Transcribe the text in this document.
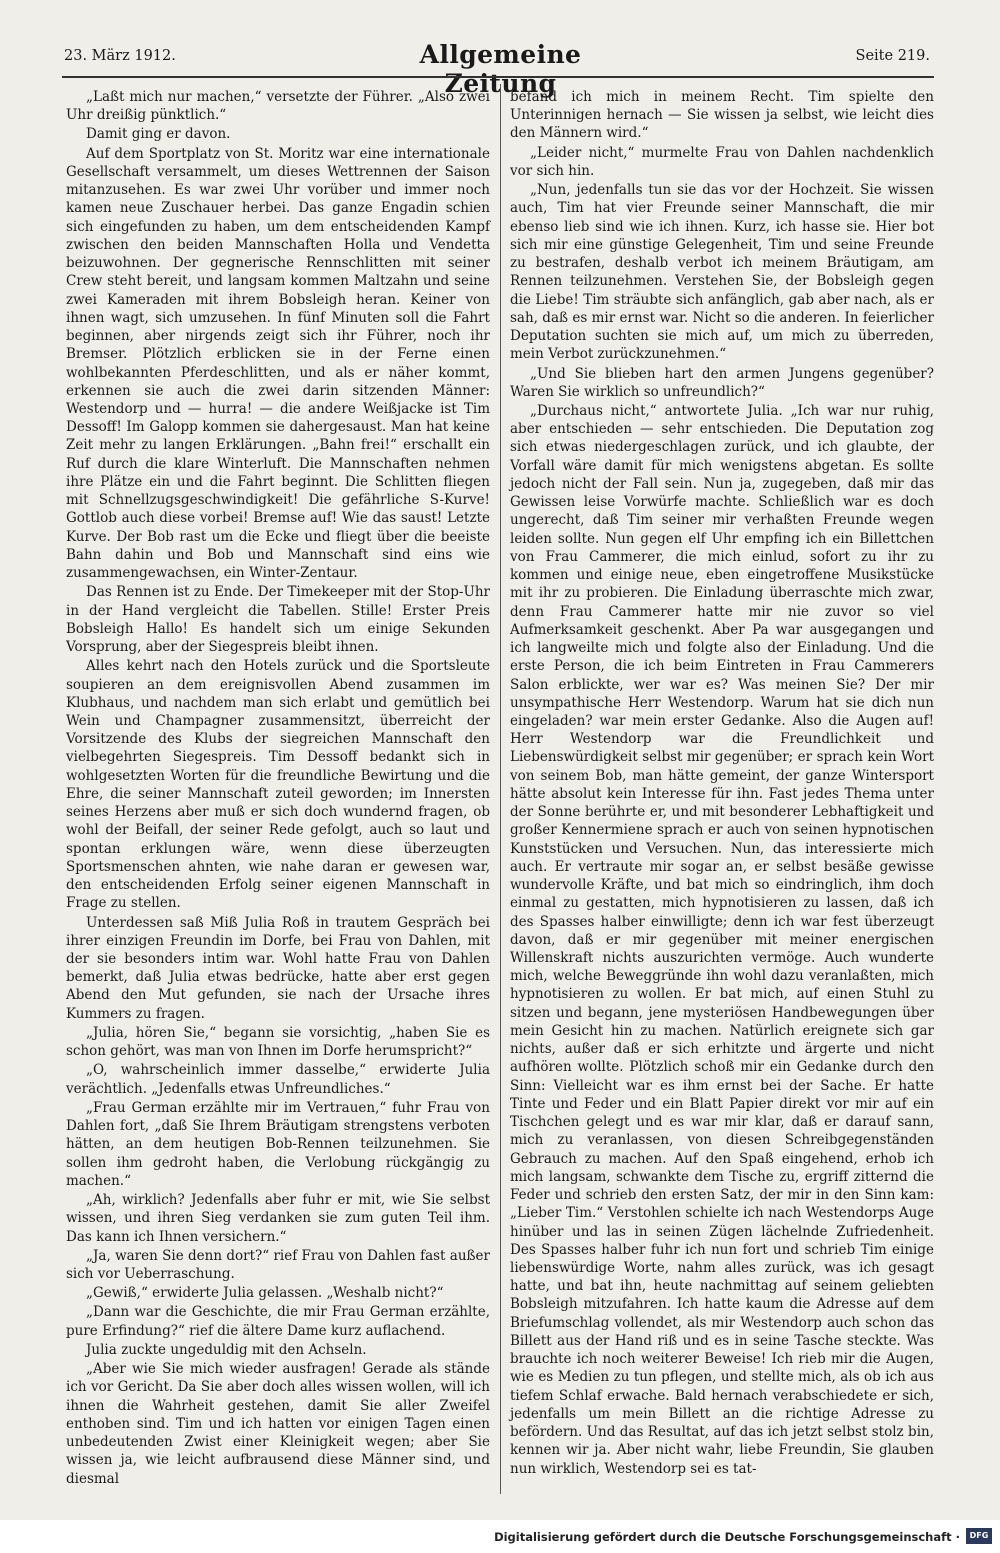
23. März 1912.	Allgemeine Zeitung
Seite 219.

„Laßt mich nur machen,“ versetzte der Führer. „Also zwei Uhr dreißig pünktlich.“

Damit ging er davon.

Auf dem Sportplatz von St. Moritz war eine internationale Gesellschaft versammelt, um dieses Wettrennen der Saison mitanzusehen. Es war zwei Uhr vorüber und immer noch kamen neue Zuschauer herbei. Das ganze Engadin schien sich eingefunden zu haben, um dem entscheidenden Kampf zwischen den beiden Mannschaften Holla und Vendetta beizuwohnen. Der gegnerische Rennschlitten mit seiner Crew steht bereit, und langsam kommen Maltzahn und seine zwei Kameraden mit ihrem Bobsleigh heran. Keiner von ihnen wagt, sich umzusehen. In fünf Minuten soll die Fahrt beginnen, aber nirgends zeigt sich ihr Führer, noch ihr Bremser. Plötzlich erblicken sie in der Ferne einen wohlbekannten Pferdeschlitten, und als er näher kommt, erkennen sie auch die zwei darin sitzenden Männer: Westendorp und — hurra! — die andere Weißjacke ist Tim Dessoff! Im Galopp kommen sie dahergesaust. Man hat keine Zeit mehr zu langen Erklärungen. „Bahn frei!“ erschallt ein Ruf durch die klare Winterluft. Die Mannschaften nehmen ihre Plätze ein und die Fahrt beginnt. Die Schlitten fliegen mit Schnellzugsgeschwindigkeit! Die gefährliche S-Kurve! Gottlob auch diese vorbei! Bremse auf! Wie das saust! Letzte Kurve. Der Bob rast um die Ecke und fliegt über die beeiste Bahn dahin und Bob und Mannschaft sind eins wie zusammengewachsen, ein Winter-Zentaur.

Das Rennen ist zu Ende. Der Timekeeper mit der Stop-Uhr in der Hand vergleicht die Tabellen. Stille! Erster Preis Bobsleigh Hallo! Es handelt sich um einige Sekunden Vorsprung, aber der Siegespreis bleibt ihnen.

Alles kehrt nach den Hotels zurück und die Sportsleute soupieren an dem ereignisvollen Abend zusammen im Klubhaus, und nachdem man sich erlabt und gemütlich bei Wein und Champagner zusammensitzt, überreicht der Vorsitzende des Klubs der siegreichen Mannschaft den vielbegehrten Siegespreis. Tim Dessoff bedankt sich in wohlgesetzten Worten für die freundliche Bewirtung und die Ehre, die seiner Mannschaft zuteil geworden; im Innersten seines Herzens aber muß er sich doch wundernd fragen, ob wohl der Beifall, der seiner Rede gefolgt, auch so laut und spontan erklungen wäre, wenn diese überzeugten Sportsmenschen ahnten, wie nahe daran er gewesen war, den entscheidenden Erfolg seiner eigenen Mannschaft in Frage zu stellen.

Unterdessen saß Miß Julia Roß in trautem Gespräch bei ihrer einzigen Freundin im Dorfe, bei Frau von Dahlen, mit der sie besonders intim war. Wohl hatte Frau von Dahlen bemerkt, daß Julia etwas bedrücke, hatte aber erst gegen Abend den Mut gefunden, sie nach der Ursache ihres Kummers zu fragen.

„Julia, hören Sie,“ begann sie vorsichtig, „haben Sie es schon gehört, was man von Ihnen im Dorfe herumspricht?“

„O, wahrscheinlich immer dasselbe,“ erwiderte Julia verächtlich. „Jedenfalls etwas Unfreundliches.“

„Frau German erzählte mir im Vertrauen,“ fuhr Frau von Dahlen fort, „daß Sie Ihrem Bräutigam strengstens verboten hätten, an dem heutigen Bob-Rennen teilzunehmen. Sie sollen ihm gedroht haben, die Verlobung rückgängig zu machen.“

„Ah, wirklich? Jedenfalls aber fuhr er mit, wie Sie selbst wissen, und ihren Sieg verdanken sie zum guten Teil ihm. Das kann ich Ihnen versichern.“

„Ja, waren Sie denn dort?“ rief Frau von Dahlen fast außer sich vor Ueberraschung.

„Gewiß,“ erwiderte Julia gelassen. „Weshalb nicht?“

„Dann war die Geschichte, die mir Frau German erzählte, pure Erfindung?“ rief die ältere Dame kurz auflachend.

Julia zuckte ungeduldig mit den Achseln.

„Aber wie Sie mich wieder ausfragen! Gerade als stände ich vor Gericht. Da Sie aber doch alles wissen wollen, will ich ihnen die Wahrheit gestehen, damit Sie aller Zweifel enthoben sind. Tim und ich hatten vor einigen Tagen einen unbedeutenden Zwist einer Kleinigkeit wegen; aber Sie wissen ja, wie leicht aufbrausend diese Männer sind, und diesmal

befand ich mich in meinem Recht. Tim spielte den Unterinnigen hernach — Sie wissen ja selbst, wie leicht dies den Männern wird.“

„Leider nicht,“ murmelte Frau von Dahlen nachdenklich vor sich hin.

„Nun, jedenfalls tun sie das vor der Hochzeit. Sie wissen auch, Tim hat vier Freunde seiner Mannschaft, die mir ebenso lieb sind wie ich ihnen. Kurz, ich hasse sie. Hier bot sich mir eine günstige Gelegenheit, Tim und seine Freunde zu bestrafen, deshalb verbot ich meinem Bräutigam, am Rennen teilzunehmen. Verstehen Sie, der Bobsleigh gegen die Liebe! Tim sträubte sich anfänglich, gab aber nach, als er sah, daß es mir ernst war. Nicht so die anderen. In feierlicher Deputation suchten sie mich auf, um mich zu überreden, mein Verbot zurückzunehmen.“

„Und Sie blieben hart den armen Jungens gegenüber? Waren Sie wirklich so unfreundlich?“

„Durchaus nicht,“ antwortete Julia. „Ich war nur ruhig, aber entschieden — sehr entschieden. Die Deputation zog sich etwas niedergeschlagen zurück, und ich glaubte, der Vorfall wäre damit für mich wenigstens abgetan. Es sollte jedoch nicht der Fall sein. Nun ja, zugegeben, daß mir das Gewissen leise Vorwürfe machte. Schließlich war es doch ungerecht, daß Tim seiner mir verhaßten Freunde wegen leiden sollte. Nun gegen elf Uhr empfing ich ein Billettchen von Frau Cammerer, die mich einlud, sofort zu ihr zu kommen und einige neue, eben eingetroffene Musikstücke mit ihr zu probieren. Die Einladung überraschte mich zwar, denn Frau Cammerer hatte mir nie zuvor so viel Aufmerksamkeit geschenkt. Aber Pa war ausgegangen und ich langweilte mich und folgte also der Einladung. Und die erste Person, die ich beim Eintreten in Frau Cammerers Salon erblickte, wer war es? Was meinen Sie? Der mir unsympathische Herr Westendorp. Warum hat sie dich nun eingeladen? war mein erster Gedanke. Also die Augen auf! Herr Westendorp war die Freundlichkeit und Liebenswürdigkeit selbst mir gegenüber; er sprach kein Wort von seinem Bob, man hätte gemeint, der ganze Wintersport hätte absolut kein Interesse für ihn. Fast jedes Thema unter der Sonne berührte er, und mit besonderer Lebhaftigkeit und großer Kennermiene sprach er auch von seinen hypnotischen Kunststücken und Versuchen. Nun, das interessierte mich auch. Er vertraute mir sogar an, er selbst besäße gewisse wundervolle Kräfte, und bat mich so eindringlich, ihm doch einmal zu gestatten, mich hypnotisieren zu lassen, daß ich des Spasses halber einwilligte; denn ich war fest überzeugt davon, daß er mir gegenüber mit meiner energischen Willenskraft nichts auszurichten vermöge. Auch wunderte mich, welche Beweggründe ihn wohl dazu veranlaßten, mich hypnotisieren zu wollen. Er bat mich, auf einen Stuhl zu sitzen und begann, jene mysteriösen Handbewegungen über mein Gesicht hin zu machen. Natürlich ereignete sich gar nichts, außer daß er sich erhitzte und ärgerte und nicht aufhören wollte. Plötzlich schoß mir ein Gedanke durch den Sinn: Vielleicht war es ihm ernst bei der Sache. Er hatte Tinte und Feder und ein Blatt Papier direkt vor mir auf ein Tischchen gelegt und es war mir klar, daß er darauf sann, mich zu veranlassen, von diesen Schreibgegenständen Gebrauch zu machen. Auf den Spaß eingehend, erhob ich mich langsam, schwankte dem Tische zu, ergriff zitternd die Feder und schrieb den ersten Satz, der mir in den Sinn kam: „Lieber Tim.“ Verstohlen schielte ich nach Westendorps Auge hinüber und las in seinen Zügen lächelnde Zufriedenheit. Des Spasses halber fuhr ich nun fort und schrieb Tim einige liebenswürdige Worte, nahm alles zurück, was ich gesagt hatte, und bat ihn, heute nachmittag auf seinem geliebten Bobsleigh mitzufahren. Ich hatte kaum die Adresse auf dem Briefumschlag vollendet, als mir Westendorp auch schon das Billett aus der Hand riß und es in seine Tasche steckte. Was brauchte ich noch weiterer Beweise! Ich rieb mir die Augen, wie es Medien zu tun pflegen, und stellte mich, als ob ich aus tiefem Schlaf erwache. Bald hernach verabschiedete er sich, jedenfalls um mein Billett an die richtige Adresse zu befördern. Und das Resultat, auf das ich jetzt selbst stolz bin, kennen wir ja. Aber nicht wahr, liebe Freundin, Sie glauben nun wirklich, Westendorp sei es tat-

Digitalisierung gefördert durch die Deutsche Forschungsgemeinschaft ·	DFG
